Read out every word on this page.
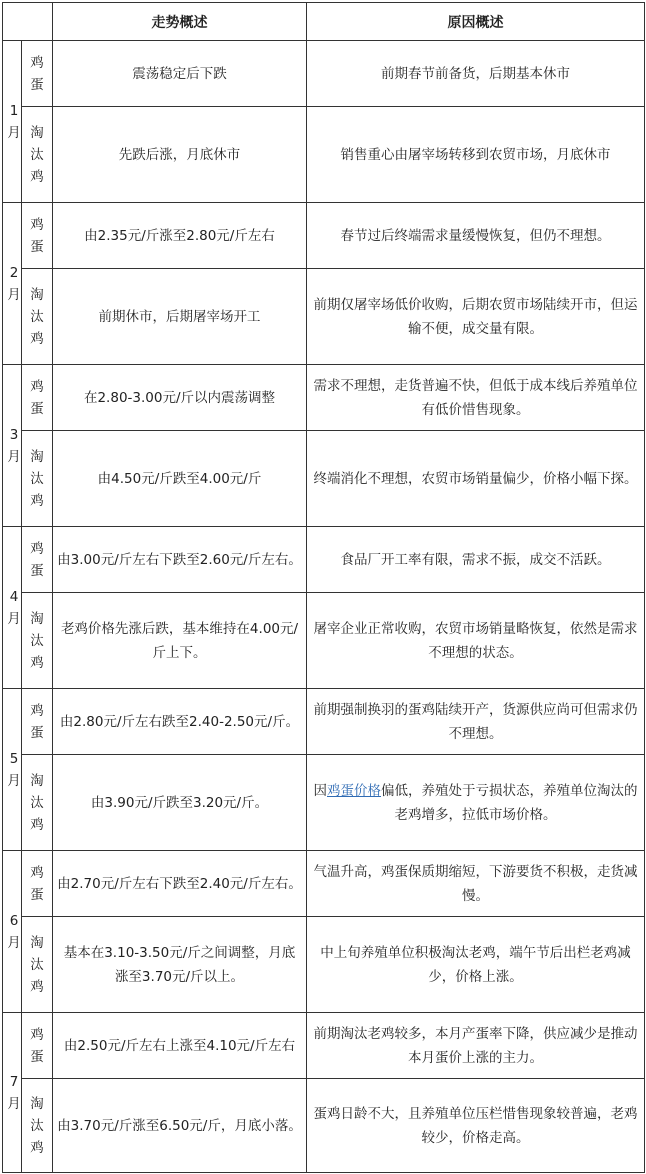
		走势概述	原因概述
1月	鸡蛋	震荡稳定后下跌	前期春节前备货，后期基本休市
	淘汰鸡	先跌后涨，月底休市	销售重心由屠宰场转移到农贸市场，月底休市
2月	鸡蛋	由2.35元/斤涨至2.80元/斤左右	春节过后终端需求量缓慢恢复，但仍不理想。
	淘汰鸡	前期休市，后期屠宰场开工	前期仅屠宰场低价收购，后期农贸市场陆续开市，但运输不便，成交量有限。
3月	鸡蛋	在2.80-3.00元/斤以内震荡调整	需求不理想，走货普遍不快，但低于成本线后养殖单位有低价惜售现象。
	淘汰鸡	由4.50元/斤跌至4.00元/斤	终端消化不理想，农贸市场销量偏少，价格小幅下探。
4月	鸡蛋	由3.00元/斤左右下跌至2.60元/斤左右。	食品厂开工率有限，需求不振，成交不活跃。
	淘汰鸡	老鸡价格先涨后跌，基本维持在4.00元/斤上下。	屠宰企业正常收购，农贸市场销量略恢复，依然是需求不理想的状态。
5月	鸡蛋	由2.80元/斤左右跌至2.40-2.50元/斤。	前期强制换羽的蛋鸡陆续开产，货源供应尚可但需求仍不理想。
	淘汰鸡	由3.90元/斤跌至3.20元/斤。	因鸡蛋价格偏低，养殖处于亏损状态，养殖单位淘汰的老鸡增多，拉低市场价格。
6月	鸡蛋	由2.70元/斤左右下跌至2.40元/斤左右。	气温升高，鸡蛋保质期缩短，下游要货不积极，走货减慢。
	淘汰鸡	基本在3.10-3.50元/斤之间调整，月底涨至3.70元/斤以上。	中上旬养殖单位积极淘汰老鸡，端午节后出栏老鸡减少，价格上涨。
7月	鸡蛋	由2.50元/斤左右上涨至4.10元/斤左右	前期淘汰老鸡较多，本月产蛋率下降，供应减少是推动本月蛋价上涨的主力。
	淘汰鸡	由3.70元/斤涨至6.50元/斤，月底小落。	蛋鸡日龄不大，且养殖单位压栏惜售现象较普遍，老鸡较少，价格走高。
